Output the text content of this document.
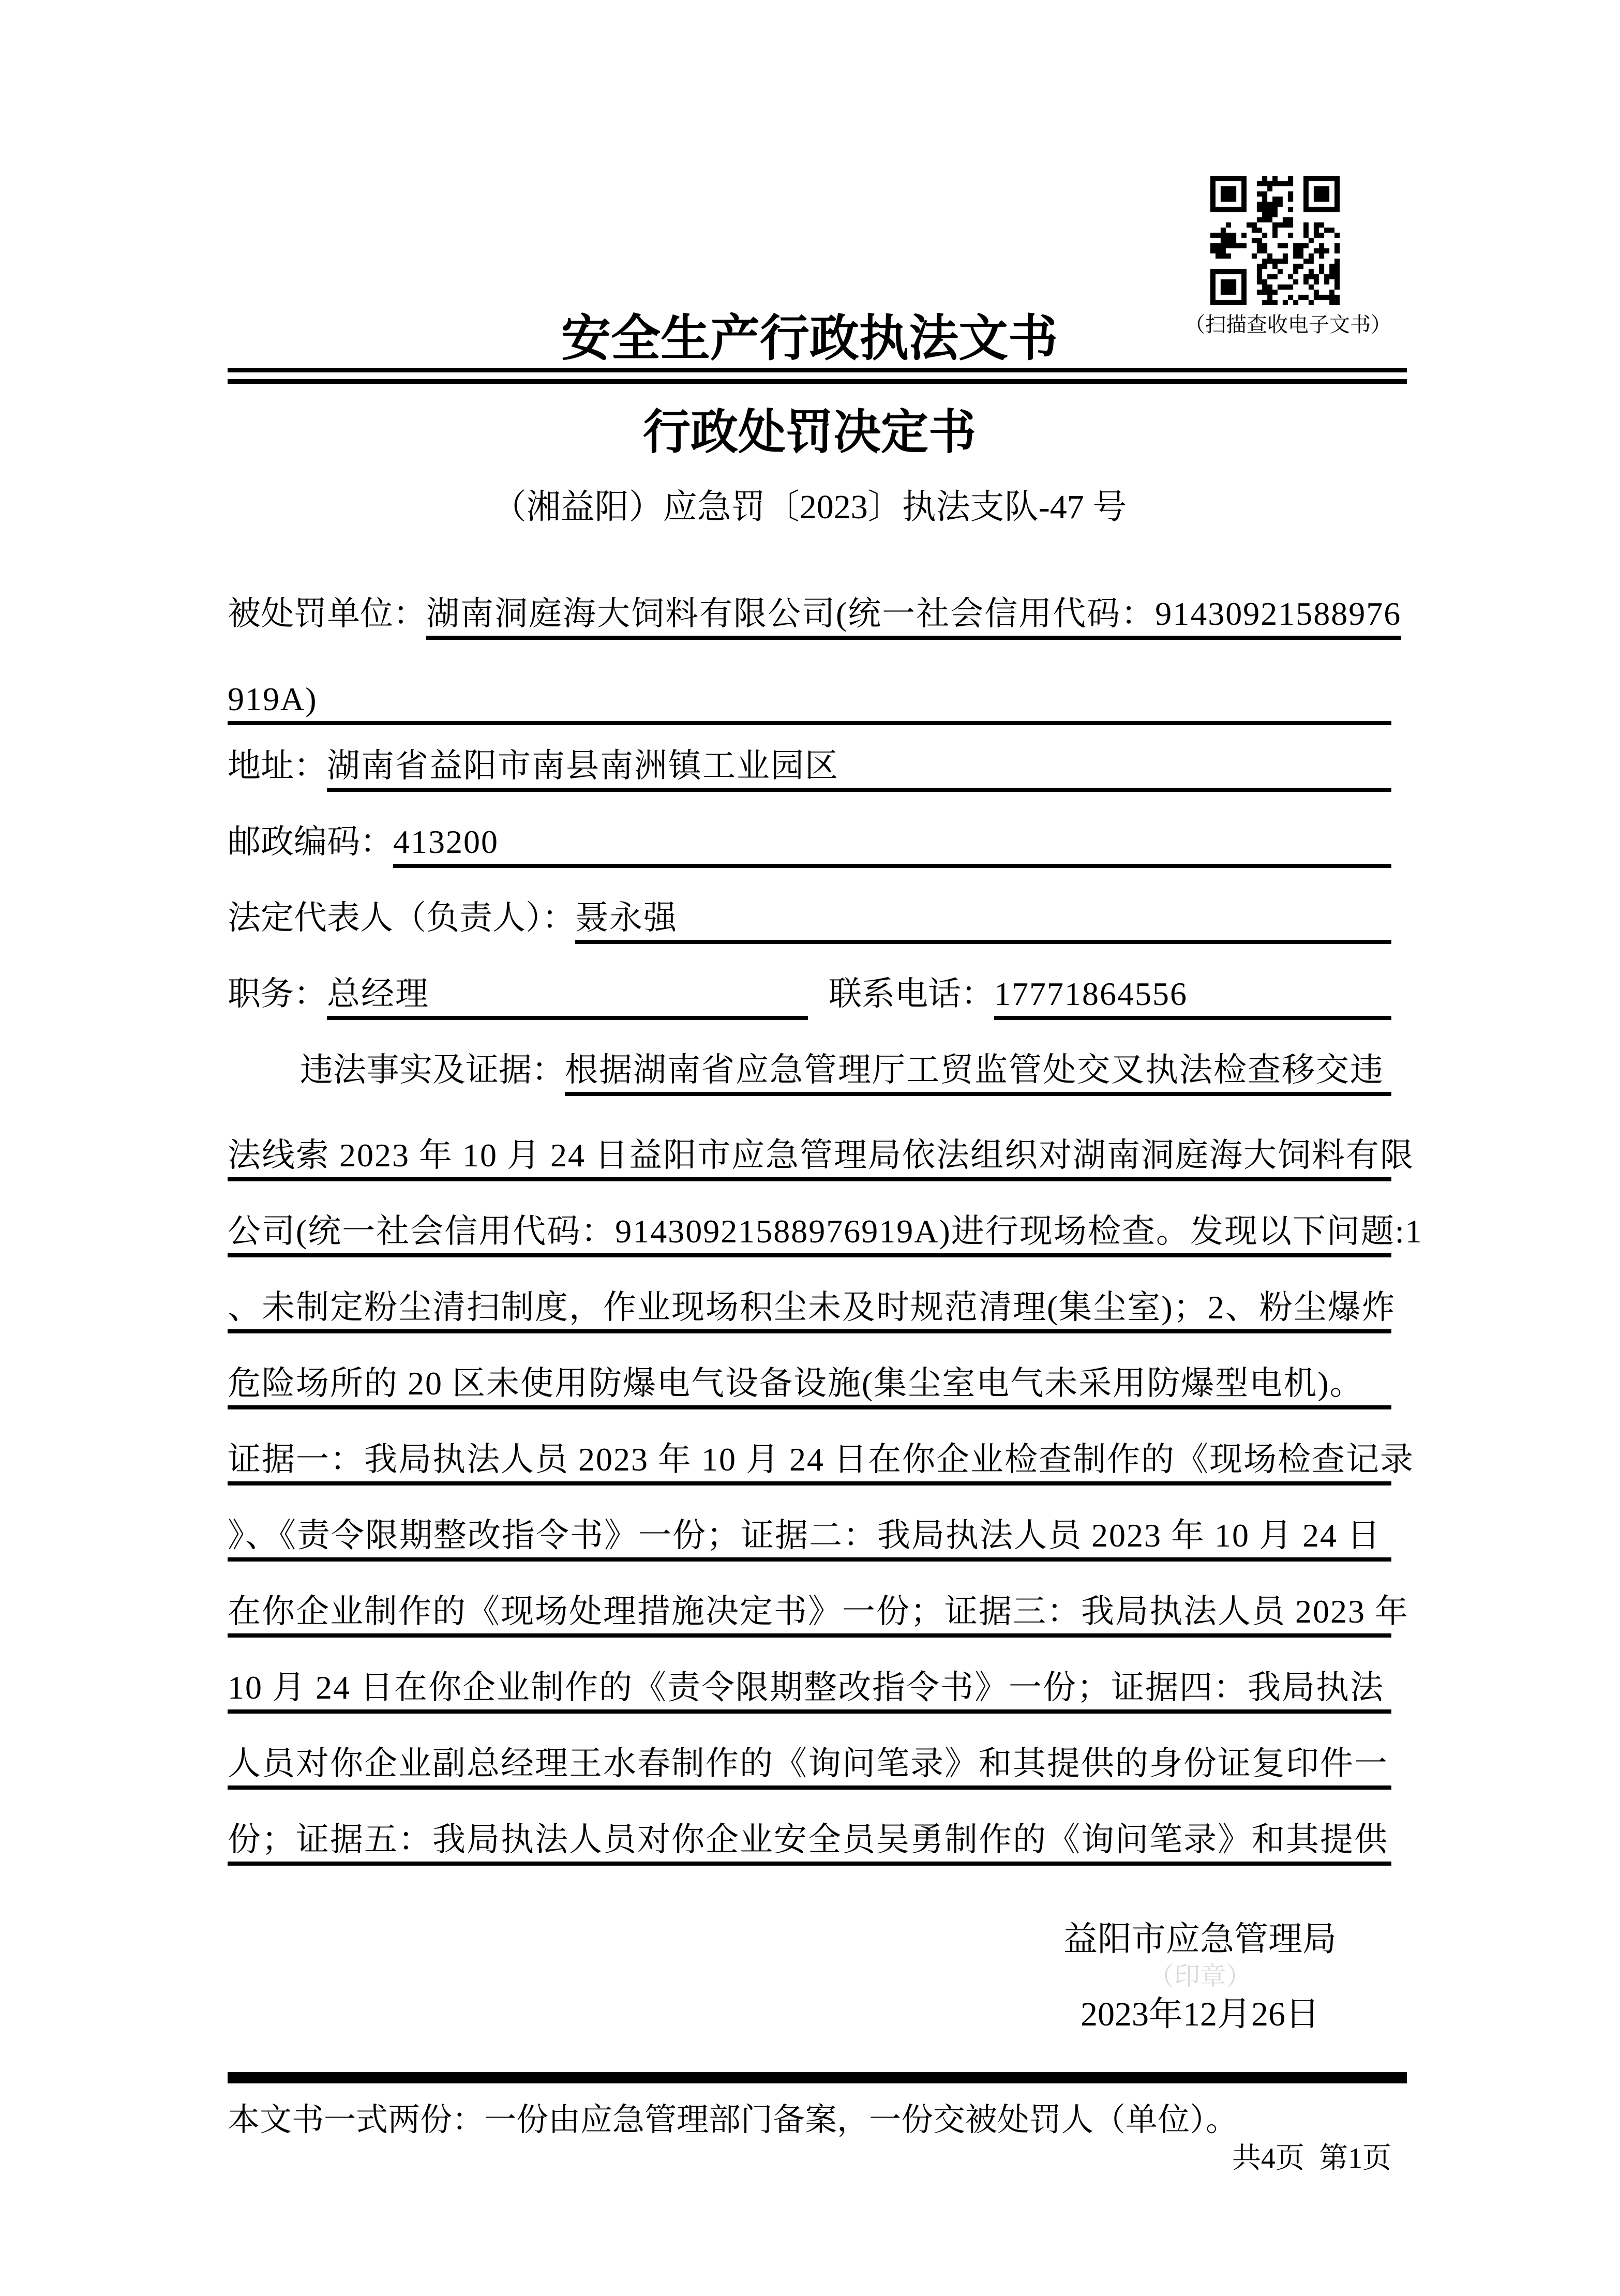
（扫描查收电子文书）
安全生产行政执法文书
行政处罚决定书
（湘益阳）应急罚〔2023〕执法支队-47 号
被处罚单位： 湖南洞庭海大饲料有限公司(统一社会信用代码：91430921588976
919A)
地址： 湖南省益阳市南县南洲镇工业园区
邮政编码： 413200
法定代表人（负责人）： 聂永强
职务： 总经理	联系电话： 17771864556
违法事实及证据： 根据湖南省应急管理厅工贸监管处交叉执法检查移交违
法线索 2023 年 10 月 24 日益阳市应急管理局依法组织对湖南洞庭海大饲料有限
公司(统一社会信用代码：91430921588976919A)进行现场检查。发现以下问题:1
、未制定粉尘清扫制度，作业现场积尘未及时规范清理(集尘室)；2、粉尘爆炸
危险场所的 20 区未使用防爆电气设备设施(集尘室电气未采用防爆型电机)。
证据一：我局执法人员 2023 年 10 月 24 日在你企业检查制作的《现场检查记录
》、《责令限期整改指令书》一份；证据二：我局执法人员 2023 年 10 月 24 日
在你企业制作的《现场处理措施决定书》一份；证据三：我局执法人员 2023 年
10 月 24 日在你企业制作的《责令限期整改指令书》一份；证据四：我局执法
人员对你企业副总经理王水春制作的《询问笔录》和其提供的身份证复印件一
份；证据五：我局执法人员对你企业安全员吴勇制作的《询问笔录》和其提供
益阳市应急管理局
（印章）
2023年12月26日
本文书一式两份：一份由应急管理部门备案，一份交被处罚人（单位）。
共4页  第1页
